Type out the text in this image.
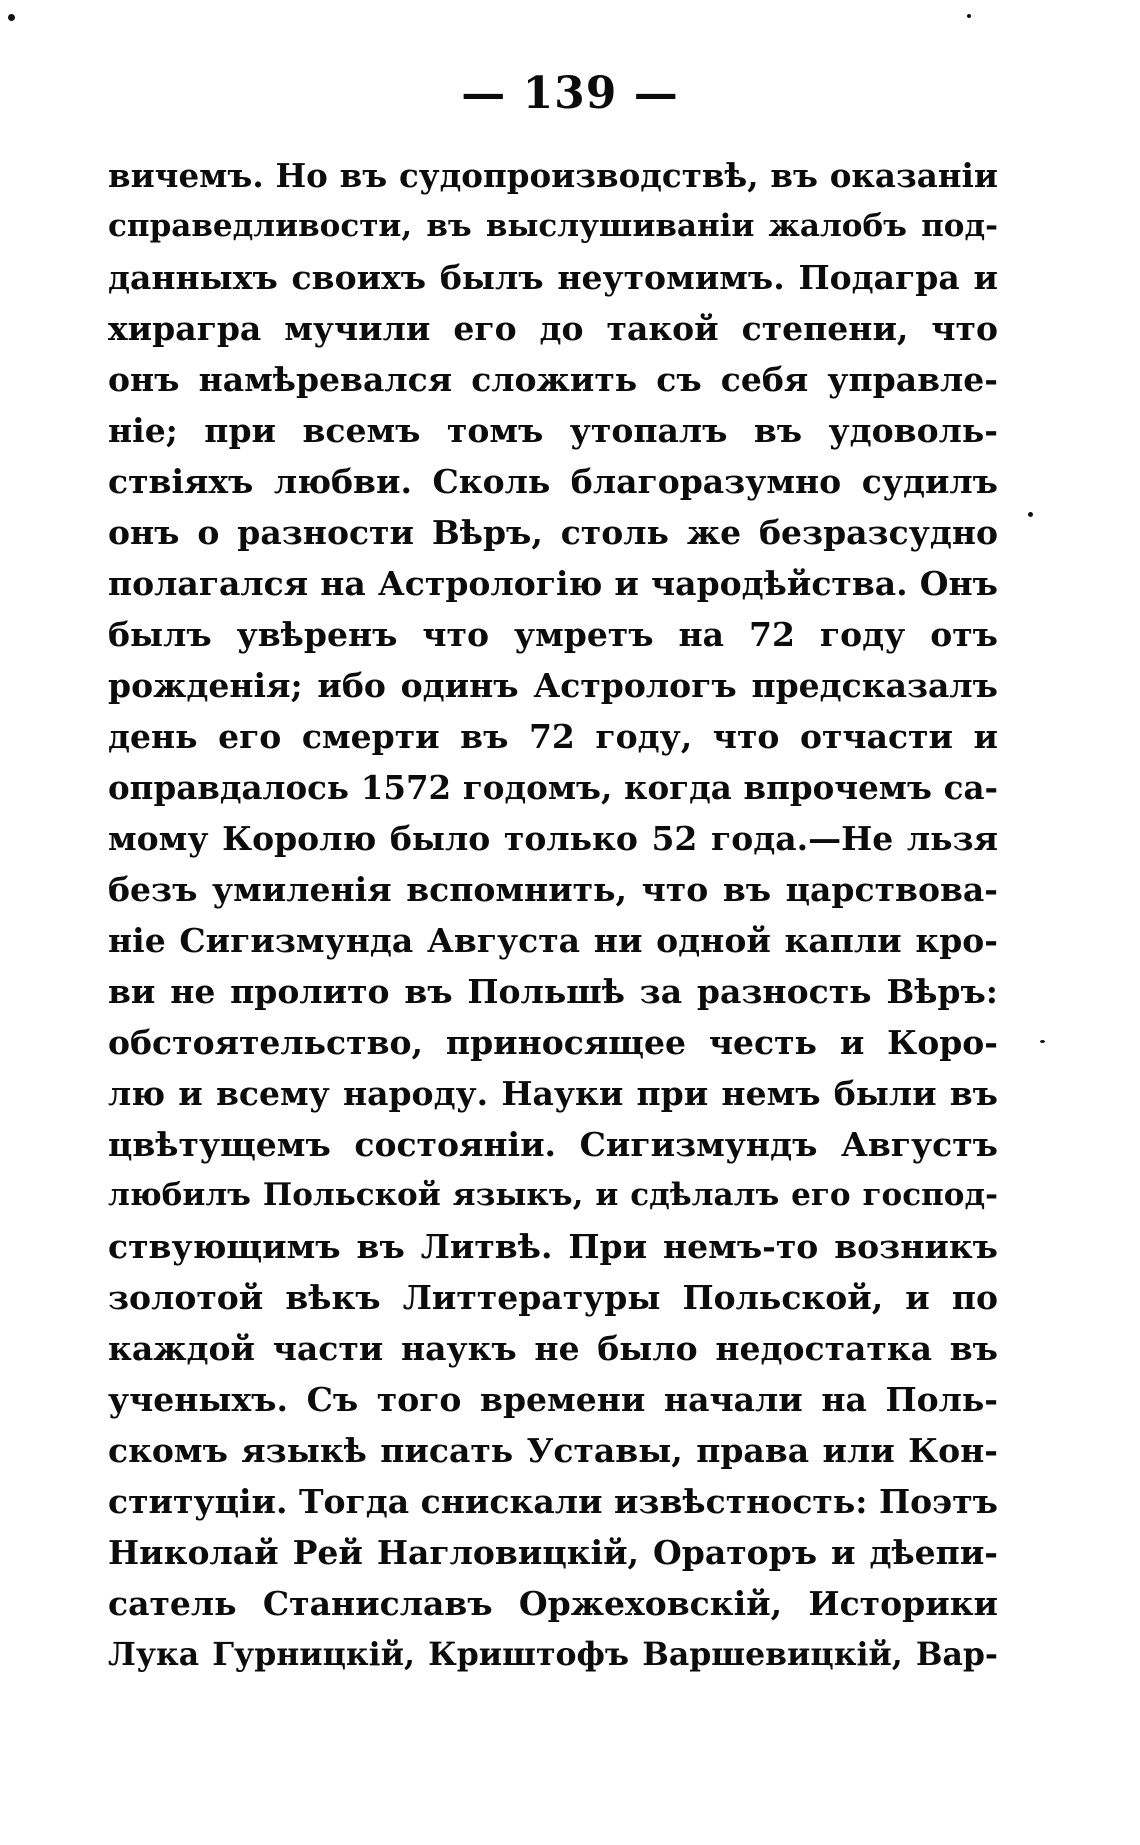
— 139 —
вичемъ. Но въ судопроизводствѣ, въ оказанiи
справедливости, въ выслушиванiи жалобъ под-
данныхъ своихъ былъ неутомимъ. Подагра и
хирагра мучили его до такой степени, что
онъ намѣревался сложить съ себя управле-
нiе; при всемъ томъ утопалъ въ удоволь-
ствiяхъ любви. Сколь благоразумно судилъ
онъ о разности Вѣръ, столь же безразсудно
полагался на Астрологiю и чародѣйства. Онъ
былъ увѣренъ что умретъ на 72 году отъ
рожденiя; ибо одинъ Астрологъ предсказалъ
день его смерти въ 72 году, что отчасти и
оправдалось 1572 годомъ, когда впрочемъ са-
мому Королю было только 52 года.—Не льзя
безъ умиленiя вспомнить, что въ царствова-
нiе Сигизмунда Августа ни одной капли кро-
ви не пролито въ Польшѣ за разность Вѣръ:
обстоятельство, приносящее честь и Коро-
лю и всему народу. Науки при немъ были въ
цвѣтущемъ состоянiи. Сигизмундъ Августъ
любилъ Польской языкъ, и сдѣлалъ его господ-
ствующимъ въ Литвѣ. При немъ-то возникъ
золотой вѣкъ Литтературы Польской, и по
каждой части наукъ не было недостатка въ
ученыхъ. Съ того времени начали на Поль-
скомъ языкѣ писать Уставы, права или Кон-
ституцiи. Тогда снискали извѣстность: Поэтъ
Николай Рей Нагловицкiй, Ораторъ и дѣепи-
сатель Станиславъ Оржеховскiй, Историки
Лука Гурницкiй, Криштофъ Варшевицкiй, Вар-
